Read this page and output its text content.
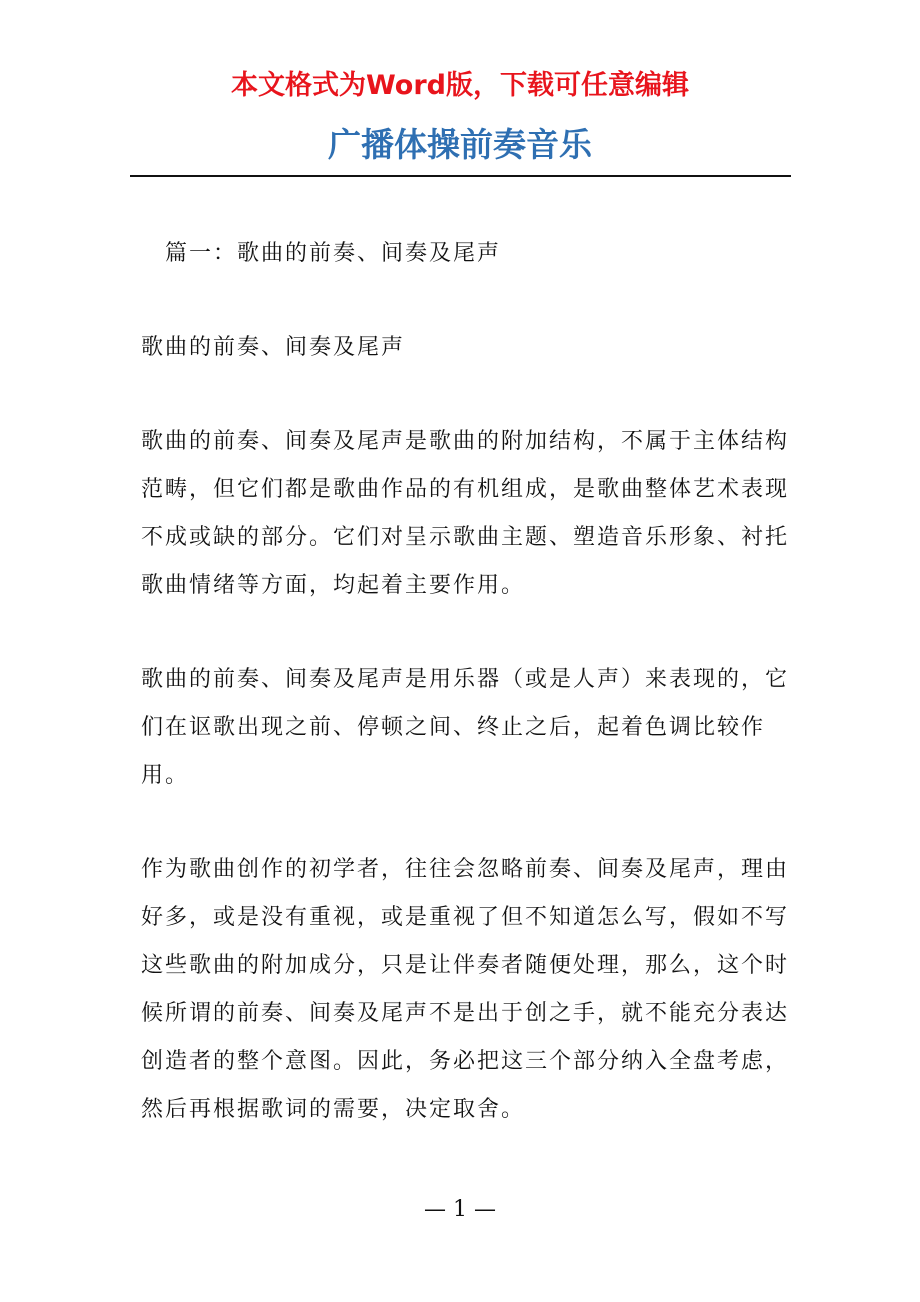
本文格式为Word版，下载可任意编辑
广播体操前奏音乐

篇一：歌曲的前奏、间奏及尾声

歌曲的前奏、间奏及尾声

歌曲的前奏、间奏及尾声是歌曲的附加结构，不属于主体结构范畴，但它们都是歌曲作品的有机组成，是歌曲整体艺术表现不成或缺的部分。它们对呈示歌曲主题、塑造音乐形象、衬托歌曲情绪等方面，均起着主要作用。

歌曲的前奏、间奏及尾声是用乐器（或是人声）来表现的，它们在讴歌出现之前、停顿之间、终止之后，起着色调比较作用。

作为歌曲创作的初学者，往往会忽略前奏、间奏及尾声，理由好多，或是没有重视，或是重视了但不知道怎么写，假如不写这些歌曲的附加成分，只是让伴奏者随便处理，那么，这个时候所谓的前奏、间奏及尾声不是出于创之手，就不能充分表达创造者的整个意图。因此，务必把这三个部分纳入全盘考虑，然后再根据歌词的需要，决定取舍。

— 1 —
